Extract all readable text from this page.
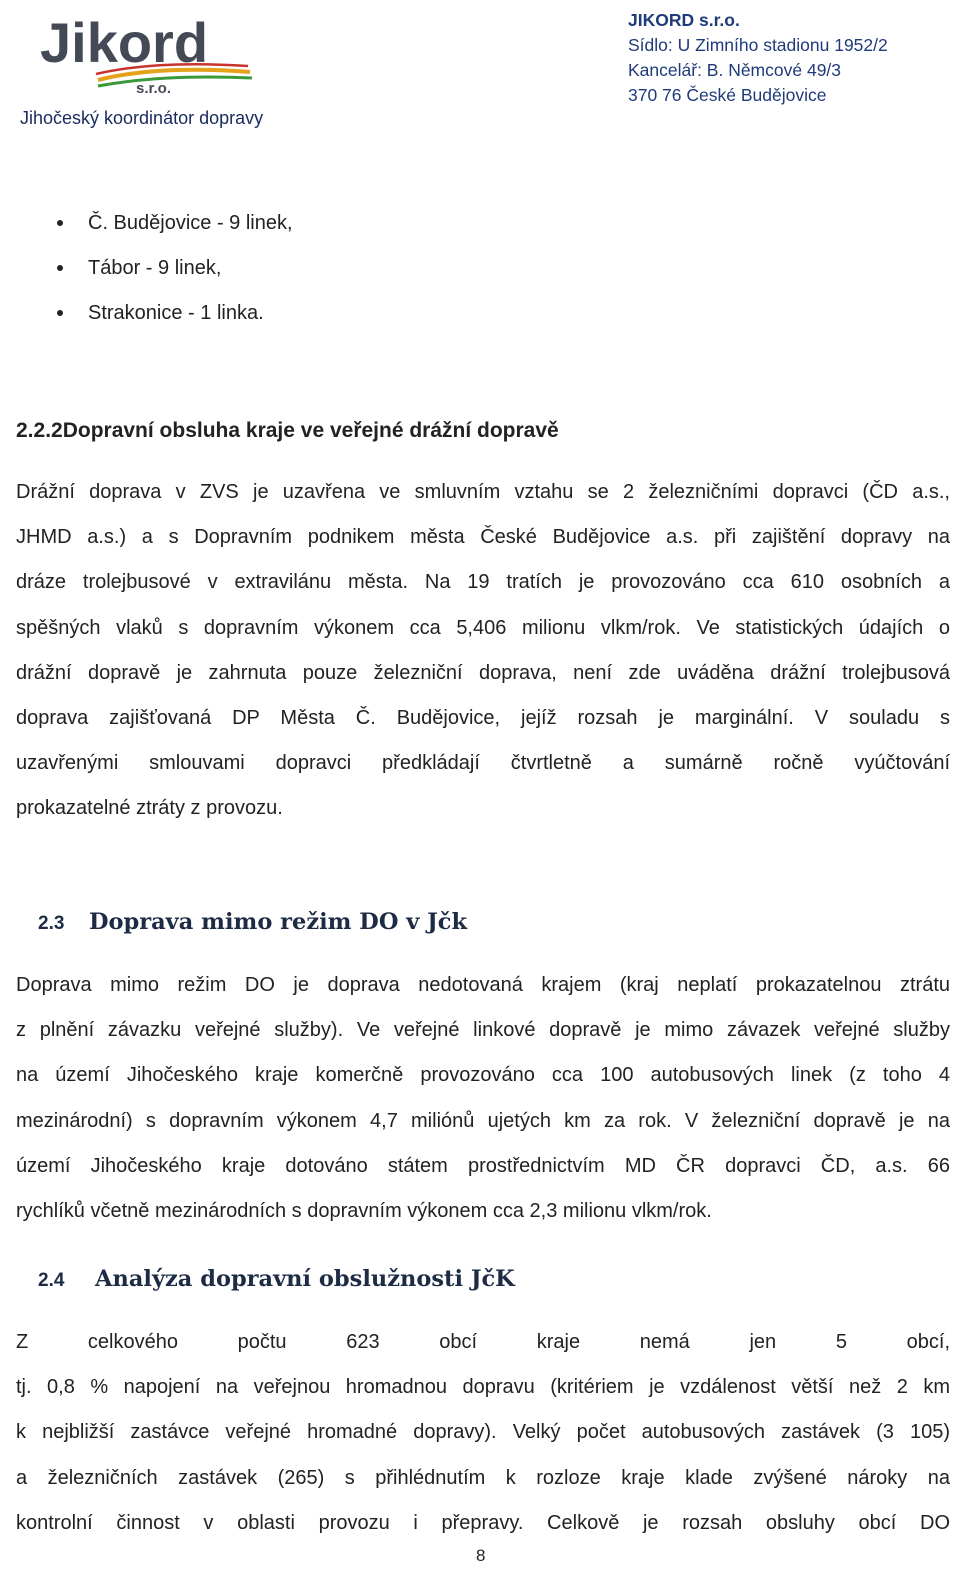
Jikord
s.r.o.
Jihočeský koordinátor dopravy
JIKORD s.r.o.
Sídlo: U Zimního stadionu 1952/2
Kancelář: B. Němcové 49/3
370 76 České Budějovice
Č. Budějovice - 9 linek,
Tábor - 9 linek,
Strakonice - 1 linka.
2.2.2Dopravní obsluha kraje ve veřejné drážní dopravě
Drážní doprava v ZVS je uzavřena ve smluvním vztahu se 2 železničními dopravci (ČD a.s.,
JHMD a.s.) a s Dopravním podnikem města České Budějovice a.s. při zajištění dopravy na
dráze trolejbusové v extravilánu města. Na 19 tratích je provozováno cca 610 osobních a
spěšných vlaků s dopravním výkonem cca 5,406 milionu vlkm/rok. Ve statistických údajích o
drážní dopravě je zahrnuta pouze železniční doprava, není zde uváděna drážní trolejbusová
doprava zajišťovaná DP Města Č. Budějovice, jejíž rozsah je marginální. V souladu s
uzavřenými smlouvami dopravci předkládají čtvrtletně a sumárně ročně vyúčtování
prokazatelné ztráty z provozu.
2.3 Doprava mimo režim DO v Jčk
Doprava mimo režim DO je doprava nedotovaná krajem (kraj neplatí prokazatelnou ztrátu
z plnění závazku veřejné služby). Ve veřejné linkové dopravě je mimo závazek veřejné služby
na území Jihočeského kraje komerčně provozováno cca 100 autobusových linek (z toho 4
mezinárodní) s dopravním výkonem 4,7 miliónů ujetých km za rok. V železniční dopravě je na
území Jihočeského kraje dotováno státem prostřednictvím MD ČR dopravci ČD, a.s. 66
rychlíků včetně mezinárodních s dopravním výkonem cca 2,3 milionu vlkm/rok.
2.4 Analýza dopravní obslužnosti JčK
Z celkového počtu 623 obcí kraje nemá jen 5 obcí,
tj. 0,8 % napojení na veřejnou hromadnou dopravu (kritériem je vzdálenost větší než 2 km
k nejbližší zastávce veřejné hromadné dopravy). Velký počet autobusových zastávek (3 105)
a železničních zastávek (265) s přihlédnutím k rozloze kraje klade zvýšené nároky na
kontrolní činnost v oblasti provozu i přepravy. Celkově je rozsah obsluhy obcí DO
8
